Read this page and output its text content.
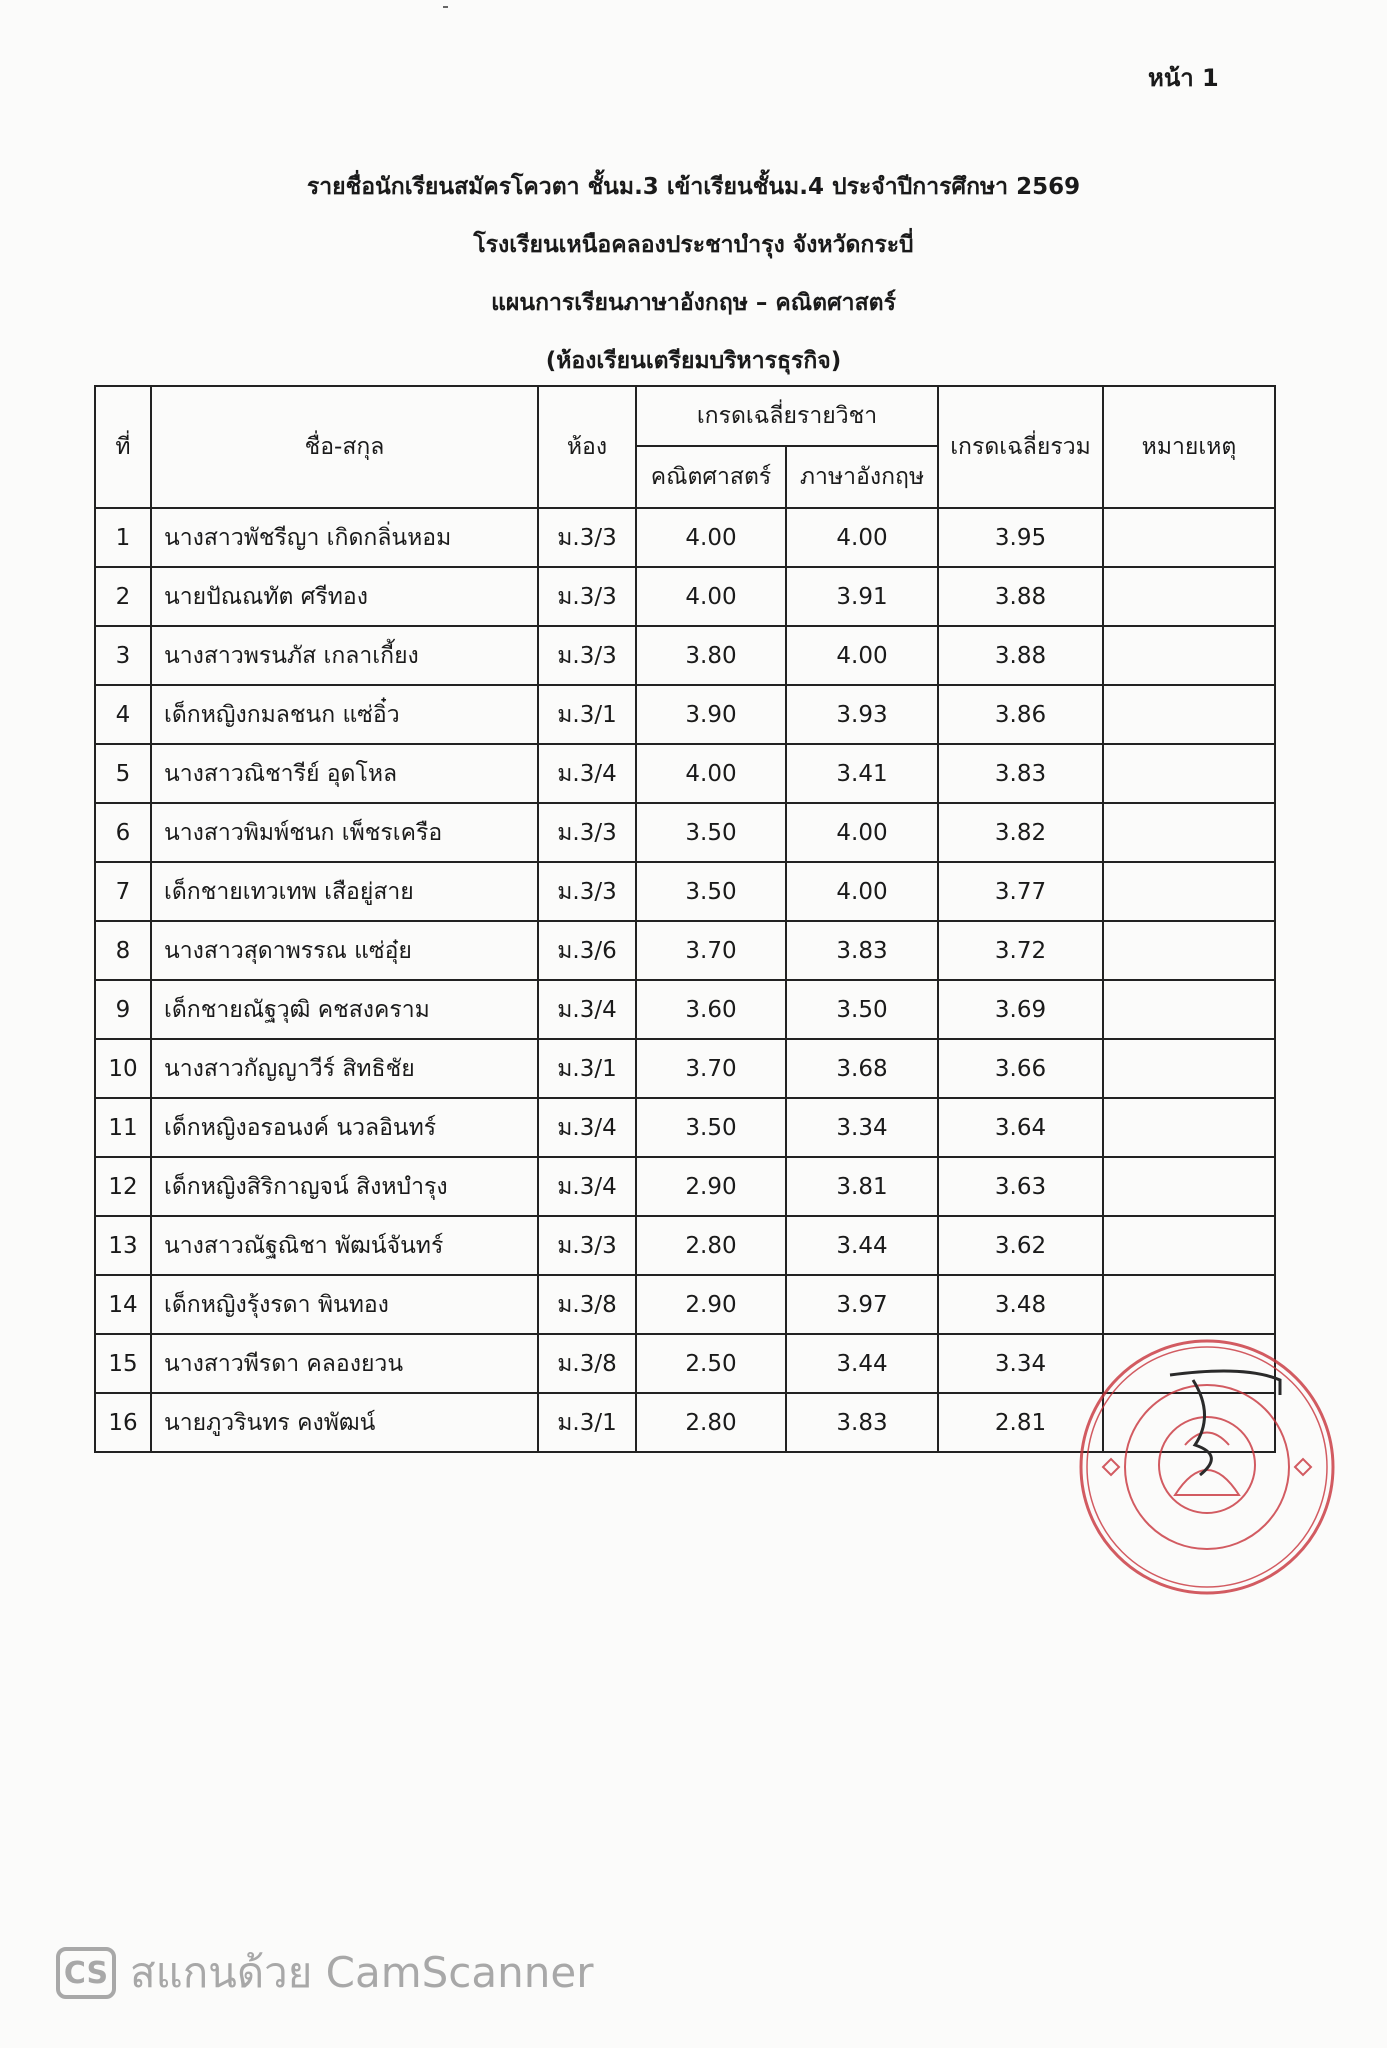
หน้า 1
รายชื่อนักเรียนสมัครโควตา ชั้นม.3 เข้าเรียนชั้นม.4 ประจำปีการศึกษา 2569
โรงเรียนเหนือคลองประชาบำรุง จังหวัดกระบี่
แผนการเรียนภาษาอังกฤษ – คณิตศาสตร์
(ห้องเรียนเตรียมบริหารธุรกิจ)
ที่	ชื่อ-สกุล	ห้อง	เกรดเฉลี่ยรายวิชา		เกรดเฉลี่ยรวม	หมายเหตุ
			คณิตศาสตร์	ภาษาอังกฤษ		
1	นางสาวพัชรีญา เกิดกลิ่นหอม	ม.3/3	4.00	4.00	3.95	
2	นายปัณณทัต ศรีทอง	ม.3/3	4.00	3.91	3.88	
3	นางสาวพรนภัส เกลาเกี้ยง	ม.3/3	3.80	4.00	3.88	
4	เด็กหญิงกมลชนก แซ่อิ๋ว	ม.3/1	3.90	3.93	3.86	
5	นางสาวณิชารีย์ อุดโหล	ม.3/4	4.00	3.41	3.83	
6	นางสาวพิมพ์ชนก เพ็ชรเครือ	ม.3/3	3.50	4.00	3.82	
7	เด็กชายเทวเทพ เสือยู่สาย	ม.3/3	3.50	4.00	3.77	
8	นางสาวสุดาพรรณ แซ่อุ๋ย	ม.3/6	3.70	3.83	3.72	
9	เด็กชายณัฐวุฒิ คชสงคราม	ม.3/4	3.60	3.50	3.69	
10	นางสาวกัญญาวีร์ สิทธิชัย	ม.3/1	3.70	3.68	3.66	
11	เด็กหญิงอรอนงค์ นวลอินทร์	ม.3/4	3.50	3.34	3.64	
12	เด็กหญิงสิริกาญจน์ สิงหบำรุง	ม.3/4	2.90	3.81	3.63	
13	นางสาวณัฐณิชา พัฒน์จันทร์	ม.3/3	2.80	3.44	3.62	
14	เด็กหญิงรุ้งรดา พินทอง	ม.3/8	2.90	3.97	3.48	
15	นางสาวพีรดา คลองยวน	ม.3/8	2.50	3.44	3.34	
16	นายภูวรินทร คงพัฒน์	ม.3/1	2.80	3.83	2.81	
CS สแกนด้วย CamScanner
